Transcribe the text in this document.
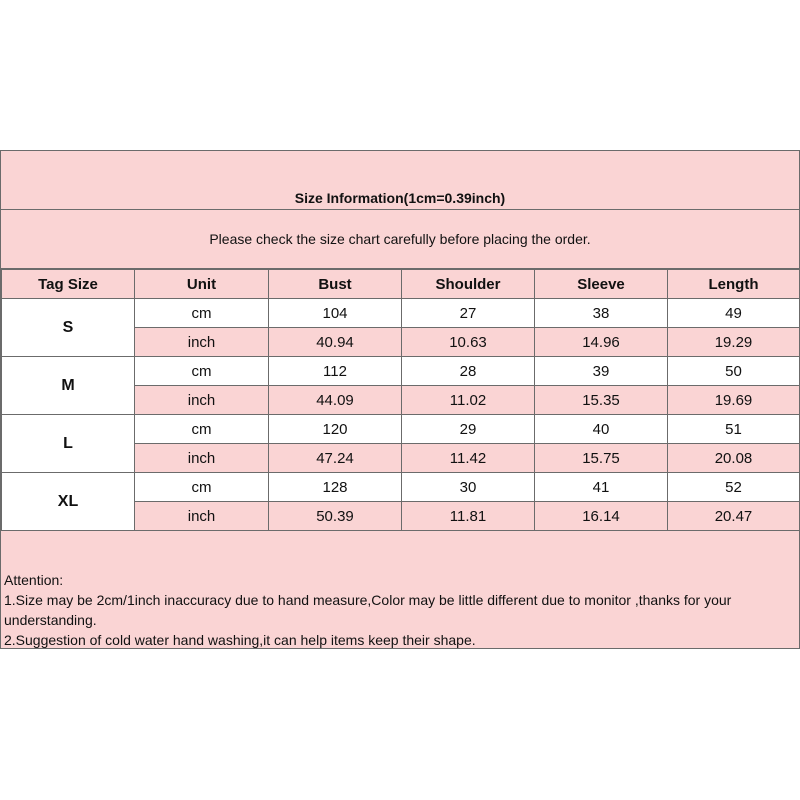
Size Information(1cm=0.39inch)
Please check the size chart carefully before placing the order.
Tag Size	Unit	Bust	Shoulder	Sleeve	Length
S	cm	104	27	38	49
	inch	40.94	10.63	14.96	19.29
M	cm	112	28	39	50
	inch	44.09	11.02	15.35	19.69
L	cm	120	29	40	51
	inch	47.24	11.42	15.75	20.08
XL	cm	128	30	41	52
	inch	50.39	11.81	16.14	20.47

Attention:

1.Size may be 2cm/1inch inaccuracy due to hand measure,Color may be little different due to monitor ,thanks for your understanding.

2.Suggestion of cold water hand washing,it can help items keep their shape.
